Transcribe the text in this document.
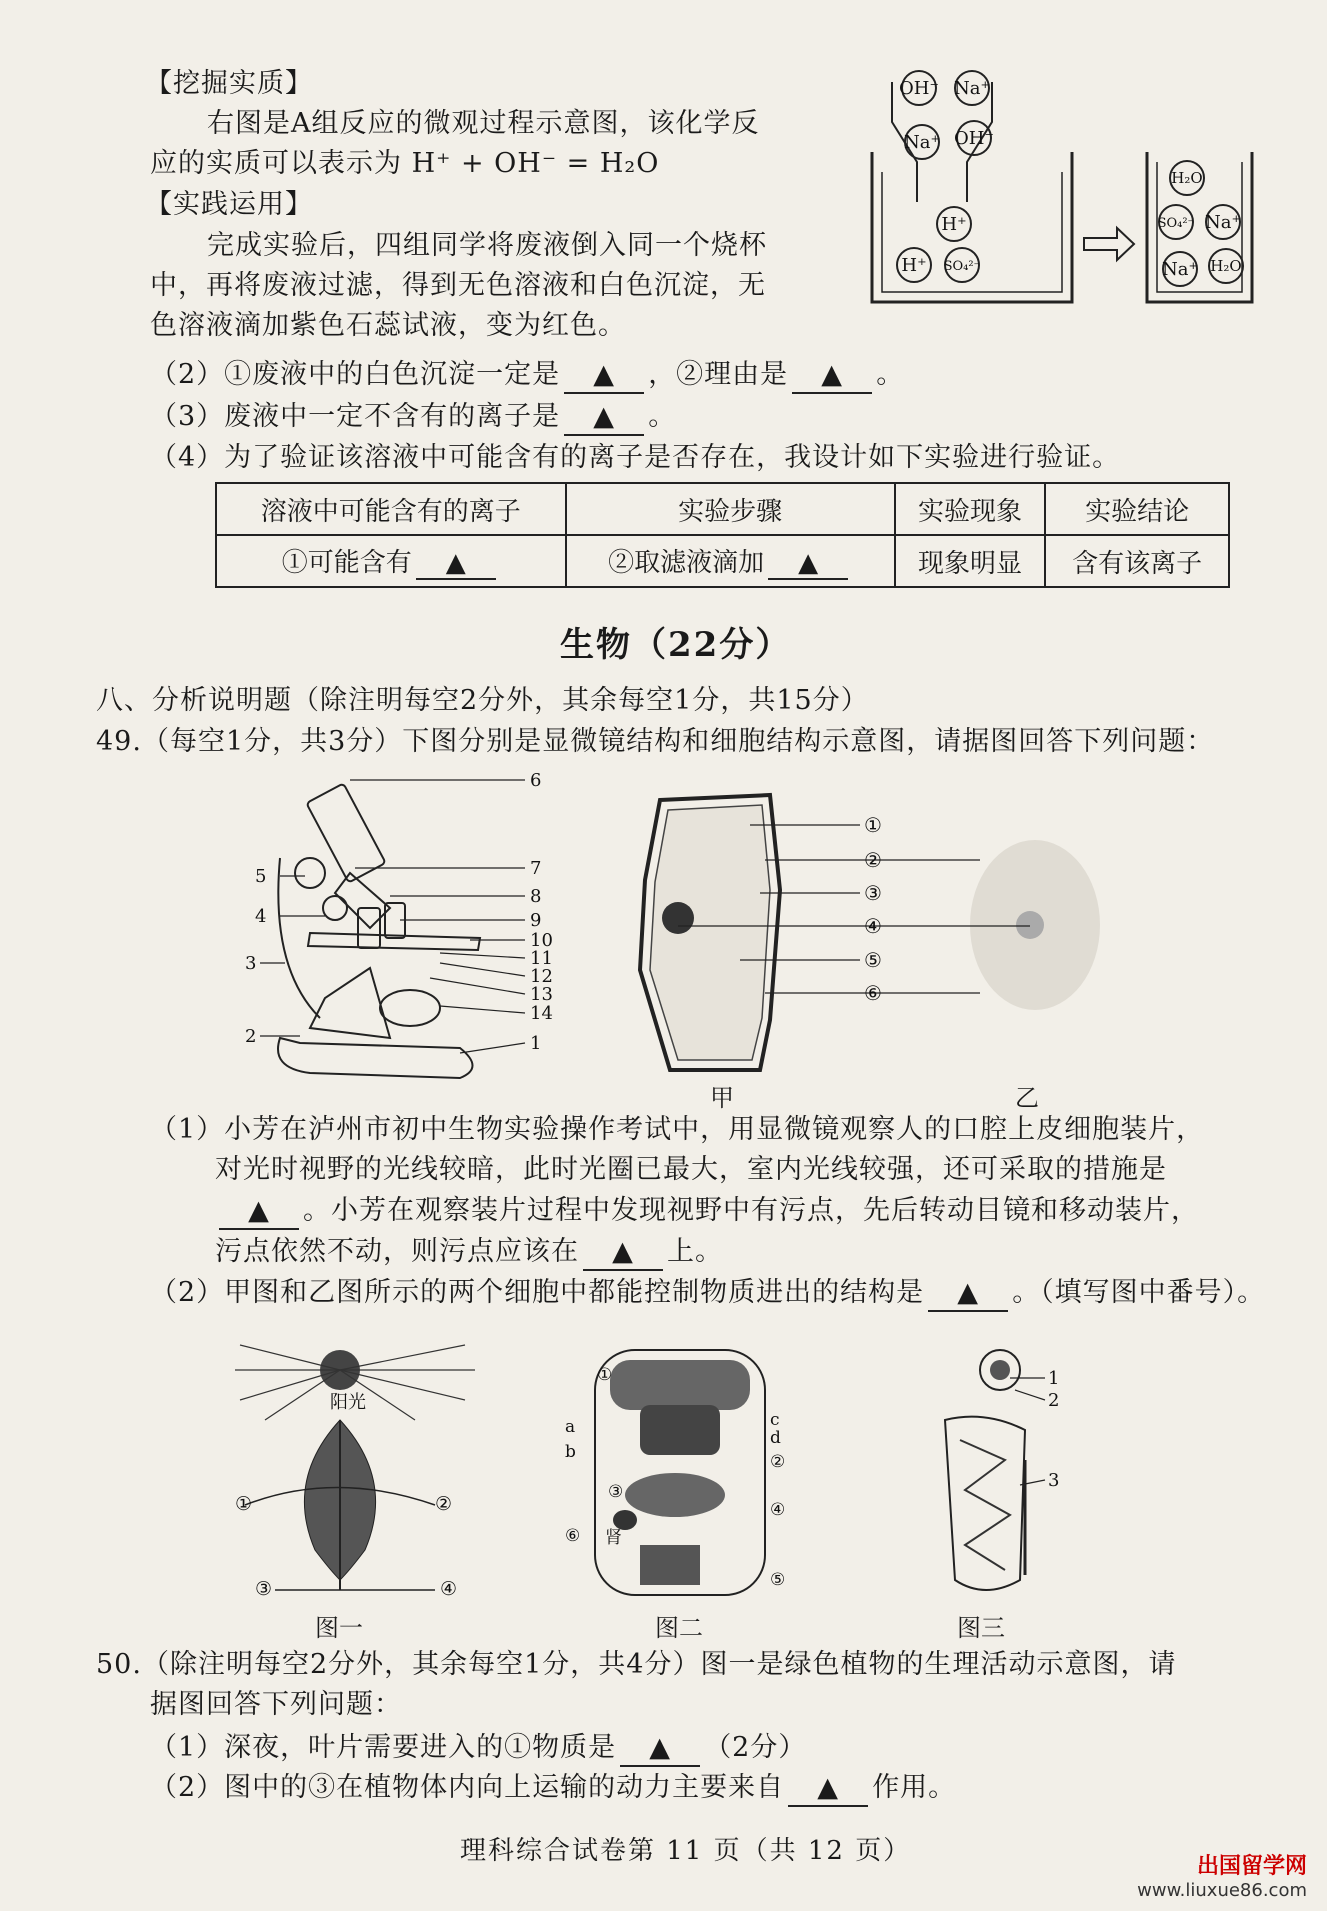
【挖掘实质】
右图是A组反应的微观过程示意图，该化学反
应的实质可以表示为 H⁺ + OH⁻ = H₂O
【实践运用】
完成实验后，四组同学将废液倒入同一个烧杯
中，再将废液过滤，得到无色溶液和白色沉淀，无
色溶液滴加紫色石蕊试液，变为红色。
OH⁻ Na⁺
Na⁺ OH⁻
H⁺
H⁺ SO₄²⁻
H₂O
SO₄²⁻ Na⁺
Na⁺ H₂O
（2）①废液中的白色沉淀一定是 ▲ ，②理由是 ▲ 。
（3）废液中一定不含有的离子是 ▲ 。
（4）为了验证该溶液中可能含有的离子是否存在，我设计如下实验进行验证。
溶液中可能含有的离子	实验步骤	实验现象	实验结论
①可能含有 ▲	②取滤液滴加 ▲	现象明显	含有该离子
生物（22分）
八、分析说明题（除注明每空2分外，其余每空1分，共15分）
49.（每空1分，共3分）下图分别是显微镜结构和细胞结构示意图，请据图回答下列问题：
6
5	7
8
4	9
10
3	11
12
13
14
2	1
①
②
③
④
⑤
⑥
甲	乙
（1）小芳在泸州市初中生物实验操作考试中，用显微镜观察人的口腔上皮细胞装片，
对光时视野的光线较暗，此时光圈已最大，室内光线较强，还可采取的措施是
▲ 。小芳在观察装片过程中发现视野中有污点，先后转动目镜和移动装片，
污点依然不动，则污点应该在 ▲ 上。
（2）甲图和乙图所示的两个细胞中都能控制物质进出的结构是 ▲ 。（填写图中番号）。
阳光
①	②
③	④
图一
①
a
b
c
d
②
③
④
⑥ 肾
⑤
图二
1
2
3
图三
50.（除注明每空2分外，其余每空1分，共4分）图一是绿色植物的生理活动示意图，请
据图回答下列问题：
（1）深夜，叶片需要进入的①物质是 ▲ （2分）
（2）图中的③在植物体内向上运输的动力主要来自 ▲ 作用。
理科综合试卷第 11 页（共 12 页）
出国留学网
www.liuxue86.com
